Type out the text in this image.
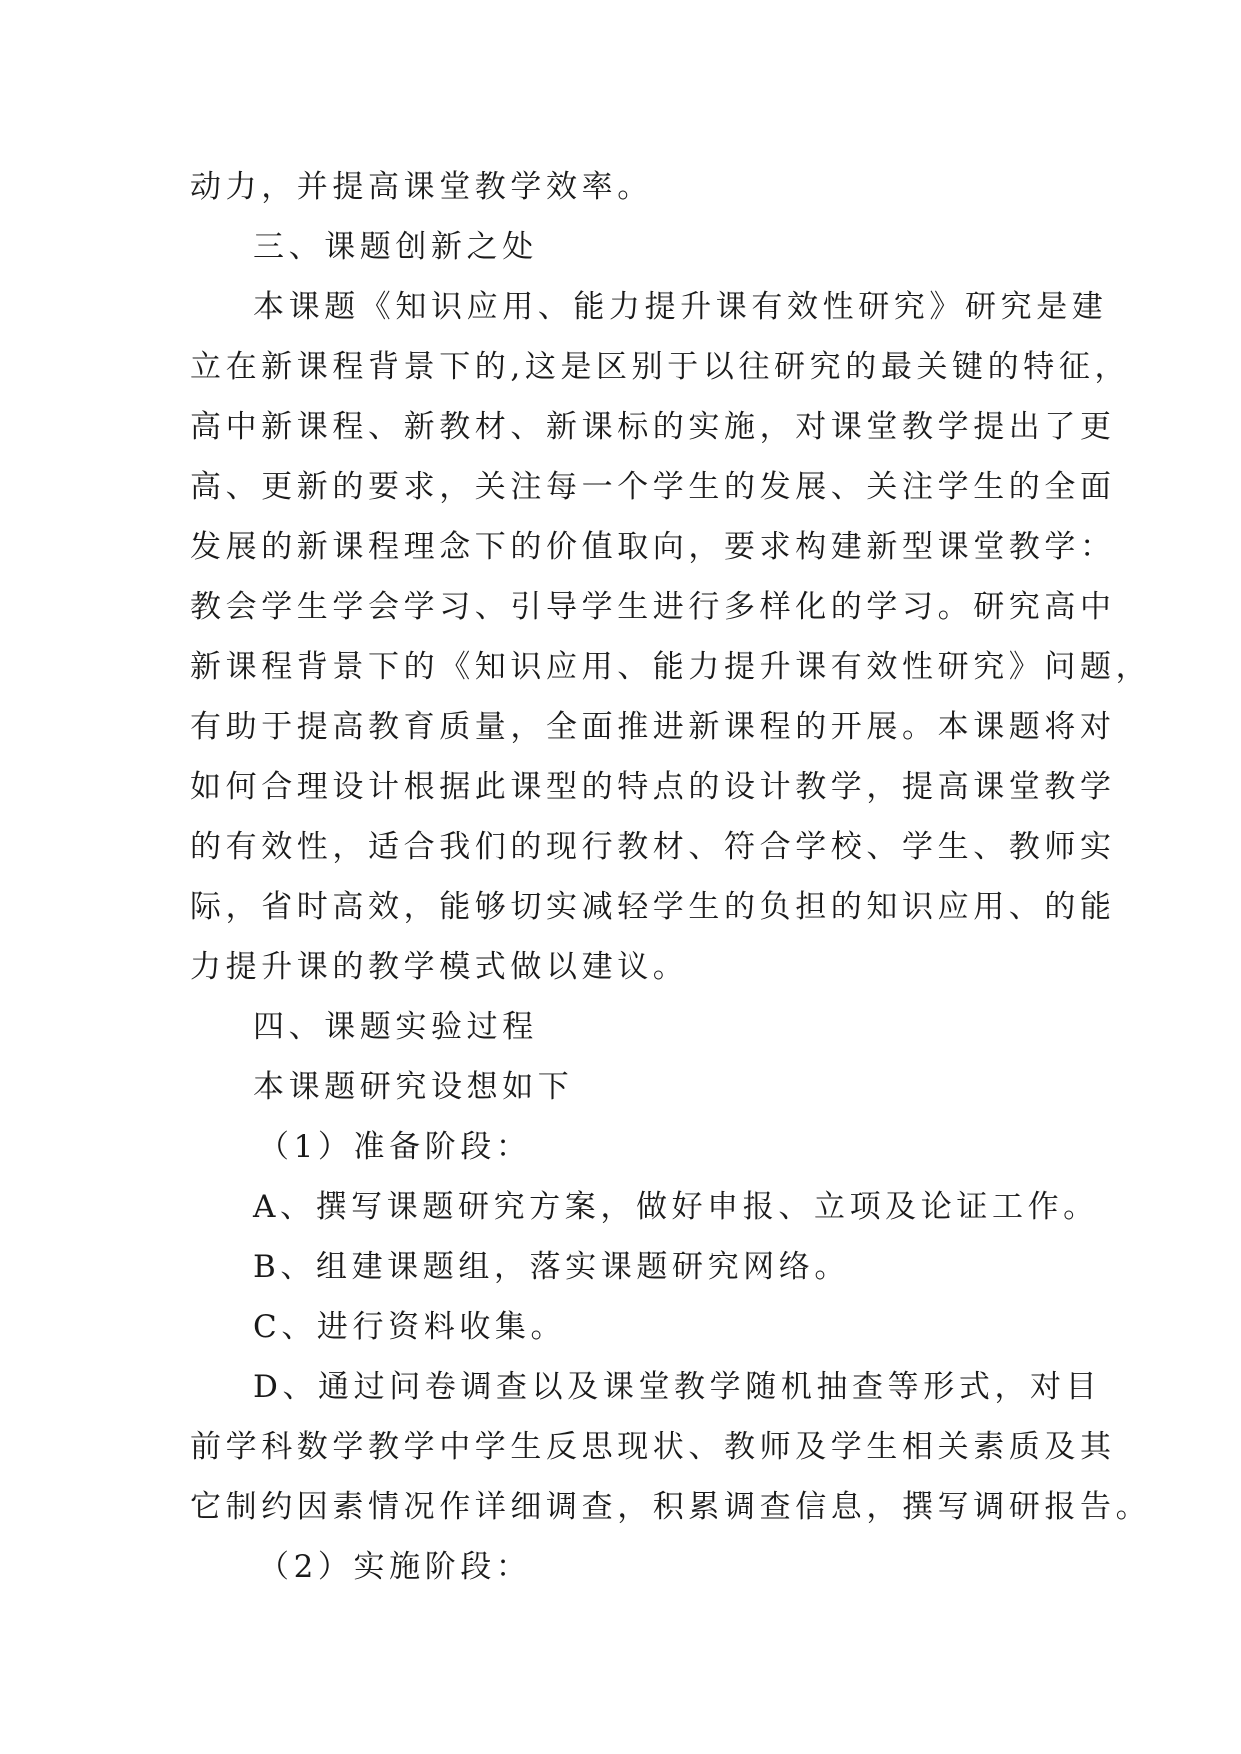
动力，并提高课堂教学效率。

三、课题创新之处

本课题《知识应用、能力提升课有效性研究》研究是建

立在新课程背景下的,这是区别于以往研究的最关键的特征，

高中新课程、新教材、新课标的实施，对课堂教学提出了更

高、更新的要求，关注每一个学生的发展、关注学生的全面

发展的新课程理念下的价值取向，要求构建新型课堂教学：

教会学生学会学习、引导学生进行多样化的学习。研究高中

新课程背景下的《知识应用、能力提升课有效性研究》问题，

有助于提高教育质量，全面推进新课程的开展。本课题将对

如何合理设计根据此课型的特点的设计教学，提高课堂教学

的有效性，适合我们的现行教材、符合学校、学生、教师实

际，省时高效，能够切实减轻学生的负担的知识应用、的能

力提升课的教学模式做以建议。

四、课题实验过程

本课题研究设想如下

（1）准备阶段：

A、撰写课题研究方案，做好申报、立项及论证工作。

B、组建课题组，落实课题研究网络。

C、进行资料收集。

D、通过问卷调查以及课堂教学随机抽查等形式，对目

前学科数学教学中学生反思现状、教师及学生相关素质及其

它制约因素情况作详细调查，积累调查信息，撰写调研报告。

（2）实施阶段：
